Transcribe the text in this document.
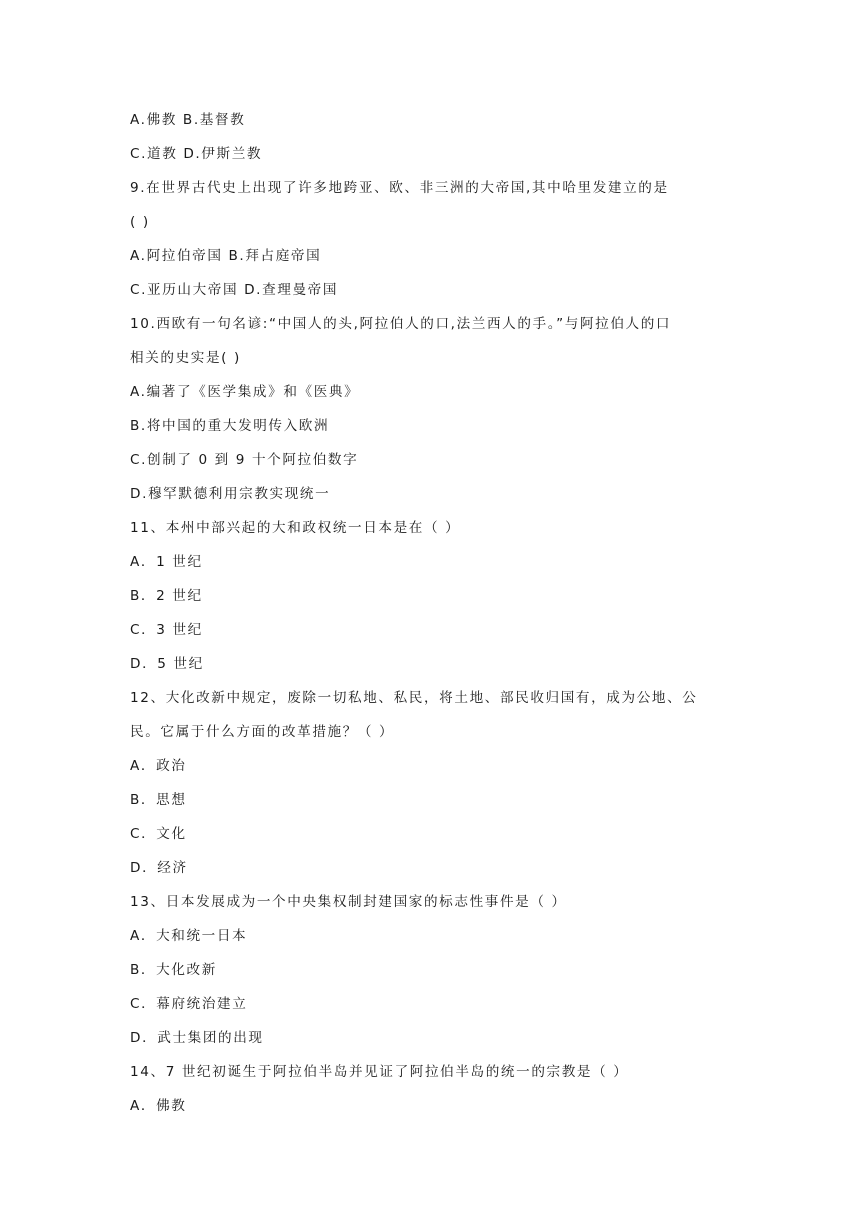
A.佛教 B.基督教
C.道教 D.伊斯兰教
9.在世界古代史上出现了许多地跨亚、欧、非三洲的大帝国,其中哈里发建立的是
( )
A.阿拉伯帝国 B.拜占庭帝国
C.亚历山大帝国 D.查理曼帝国
10.西欧有一句名谚:“中国人的头,阿拉伯人的口,法兰西人的手。”与阿拉伯人的口
相关的史实是( )
A.编著了《医学集成》和《医典》
B.将中国的重大发明传入欧洲
C.创制了 0 到 9 十个阿拉伯数字
D.穆罕默德利用宗教实现统一
11、本州中部兴起的大和政权统一日本是在（ ）
A．1 世纪
B．2 世纪
C．3 世纪
D．5 世纪
12、大化改新中规定，废除一切私地、私民，将土地、部民收归国有，成为公地、公
民。它属于什么方面的改革措施？（ ）
A．政治
B．思想
C．文化
D．经济
13、日本发展成为一个中央集权制封建国家的标志性事件是（ ）
A．大和统一日本
B．大化改新
C．幕府统治建立
D．武士集团的出现
14、7 世纪初诞生于阿拉伯半岛并见证了阿拉伯半岛的统一的宗教是（ ）
A．佛教
